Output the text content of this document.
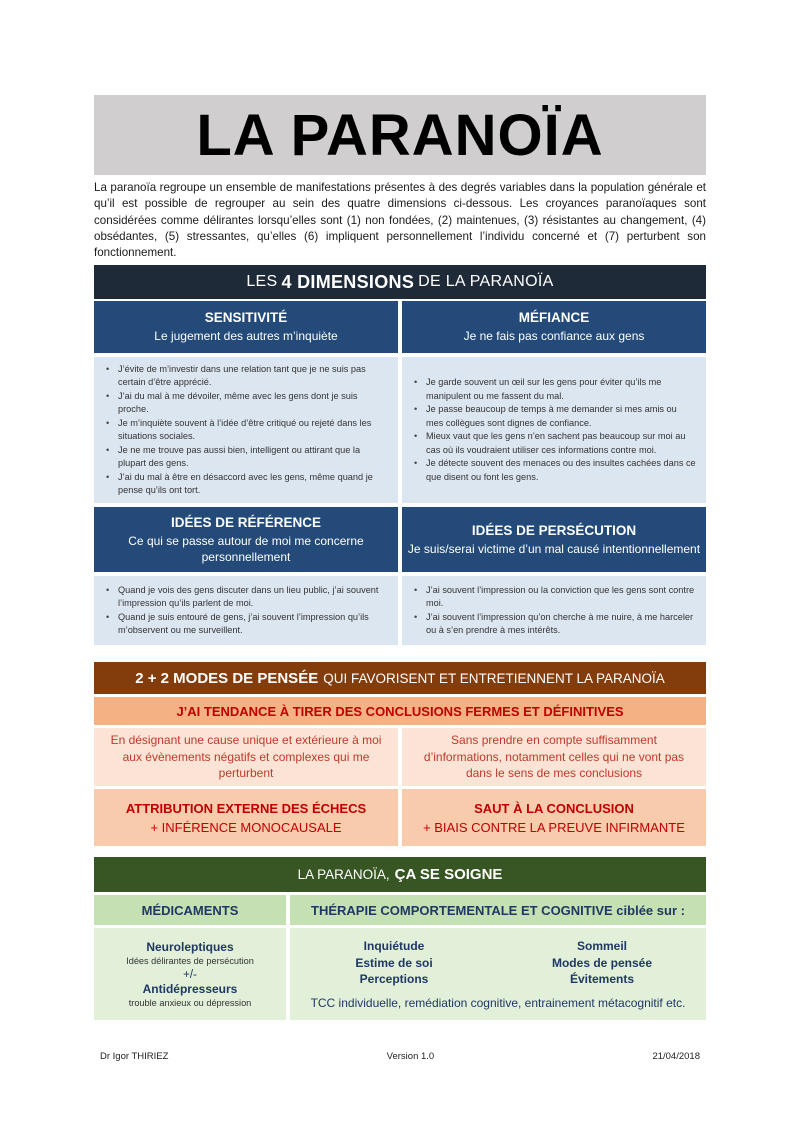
LA PARANOÏA

La paranoïa regroupe un ensemble de manifestations présentes à des degrés variables dans la population générale et qu’il est possible de regrouper au sein des quatre dimensions ci-dessous. Les croyances paranoïaques sont considérées comme délirantes lorsqu’elles sont (1) non fondées, (2) maintenues, (3) résistantes au changement, (4) obsédantes, (5) stressantes, qu’elles (6) impliquent personnellement l’individu concerné et (7) perturbent son fonctionnement.

LES 4 DIMENSIONS DE LA PARANOÏA
SENSITIVITÉ
Le jugement des autres m’inquiète
MÉFIANCE
Je ne fais pas confiance aux gens
• J’évite de m’investir dans une relation tant que je ne suis pas certain d’être apprécié.
• J’ai du mal à me dévoiler, même avec les gens dont je suis proche.
• Je m’inquiète souvent à l’idée d’être critiqué ou rejeté dans les situations sociales.
• Je ne me trouve pas aussi bien, intelligent ou attirant que la plupart des gens.
• J’ai du mal à être en désaccord avec les gens, même quand je pense qu’ils ont tort.
• Je garde souvent un œil sur les gens pour éviter qu’ils me manipulent ou me fassent du mal.
• Je passe beaucoup de temps à me demander si mes amis ou mes collègues sont dignes de confiance.
• Mieux vaut que les gens n’en sachent pas beaucoup sur moi au cas où ils voudraient utiliser ces informations contre moi.
• Je détecte souvent des menaces ou des insultes cachées dans ce que disent ou font les gens.
IDÉES DE RÉFÉRENCE
Ce qui se passe autour de moi me concerne personnellement
IDÉES DE PERSÉCUTION
Je suis/serai victime d’un mal causé intentionnellement
• Quand je vois des gens discuter dans un lieu public, j’ai souvent l’impression qu’ils parlent de moi.
• Quand je suis entouré de gens, j’ai souvent l’impression qu’ils m’observent ou me surveillent.
• J’ai souvent l’impression ou la conviction que les gens sont contre moi.
• J’ai souvent l’impression qu’on cherche à me nuire, à me harceler ou à s’en prendre à mes intérêts.
2 + 2 MODES DE PENSÉE QUI FAVORISENT ET ENTRETIENNENT LA PARANOÏA
J’AI TENDANCE À TIRER DES CONCLUSIONS FERMES ET DÉFINITIVES
En désignant une cause unique et extérieure à moi aux évènements négatifs et complexes qui me perturbent
Sans prendre en compte suffisamment d’informations, notamment celles qui ne vont pas dans le sens de mes conclusions
ATTRIBUTION EXTERNE DES ÉCHECS
+ INFÉRENCE MONOCAUSALE
SAUT À LA CONCLUSION
+ BIAIS CONTRE LA PREUVE INFIRMANTE
LA PARANOÏA, ÇA SE SOIGNE
MÉDICAMENTS	THÉRAPIE COMPORTEMENTALE ET COGNITIVE ciblée sur :
Neuroleptiques
Idées délirantes de persécution
+/-
Antidépresseurs
trouble anxieux ou dépression
Inquiétude
Estime de soi
Perceptions
Sommeil
Modes de pensée
Évitements
TCC individuelle, remédiation cognitive, entrainement métacognitif etc.
Dr Igor THIRIEZ	Version 1.0	21/04/2018
